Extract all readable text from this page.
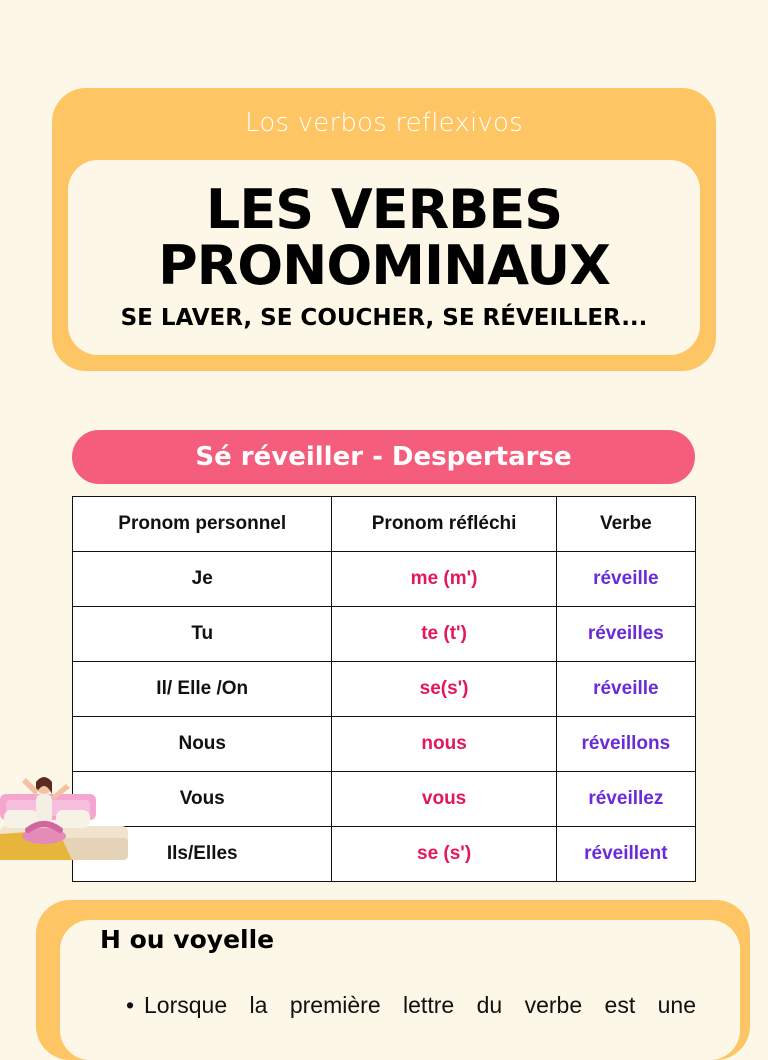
Los verbos reflexivos
LES VERBES
PRONOMINAUX
SE LAVER, SE COUCHER, SE RÉVEILLER...
Sé réveiller - Despertarse
Pronom personnel	Pronom réfléchi	Verbe
Je	me (m')	réveille
Tu	te (t')	réveilles
Il/ Elle /On	se(s')	réveille
Nous	nous	réveillons
Vous	vous	réveillez
Ils/Elles	se (s')	réveillent
H ou voyelle
• Lorsque la première lettre du verbe est une
